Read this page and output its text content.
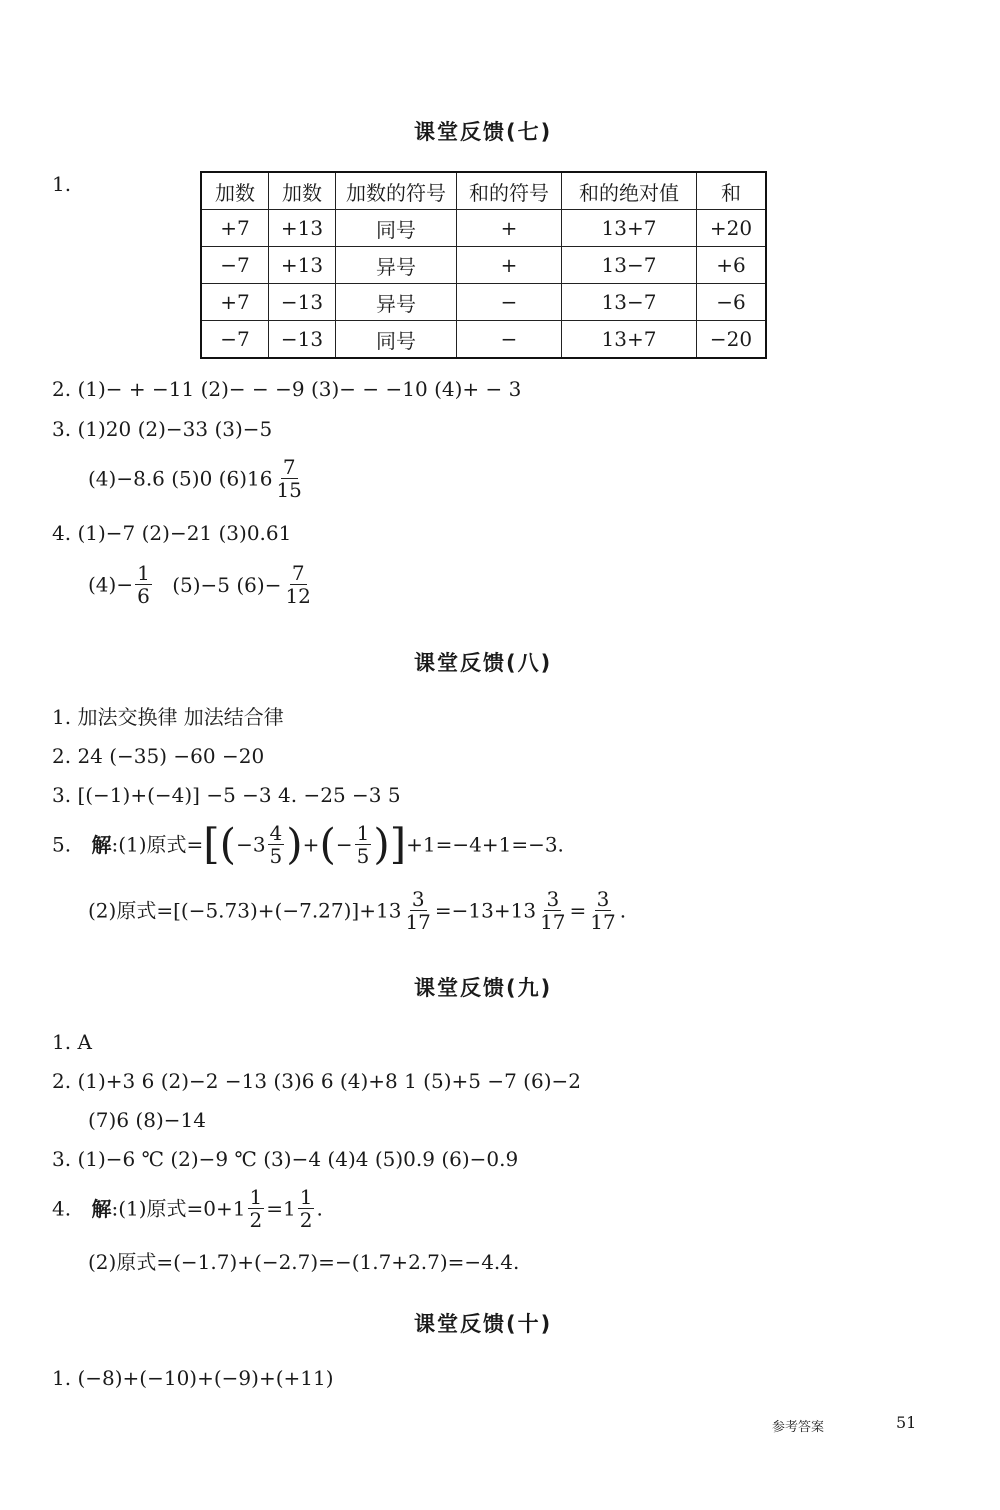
课堂反馈(七)
1.	加数	加数	加数的符号	和的符号	和的绝对值	和
+7	+13	同号	+	13+7	+20
−7	+13	异号	+	13−7	+6
+7	−13	异号	−	13−7	−6
−7	−13	同号	−	13+7	−20
2. (1)− + −11 (2)− − −9 (3)− − −10 (4)+ − 3
3. (1)20 (2)−33 (3)−5
(4)−8.6 (5)0 $(6)16 \frac{7}{15}$
4. (1)−7 (2)−21 (3)0.61
$(4)- \frac{1}{6} (5)-5$ $(6)- \frac{7}{12}$
课堂反馈(八)
1. 加法交换律 加法结合律
2. 24 (−35) −60 −20
3. [(−1)+(−4)] −5 −3 4. −25 −3 5
5. 解:(1)原式$=[(-3 \frac{4}{5}$ )+(− $\frac{1}{5} )]+1=-4+1=-3$.
(2)原式$=[(-5.73)+(-7.27)]+13 \frac{3}{17} =-13+13 \frac{3}{17} = \frac{3}{17}$ .
课堂反馈(九)
1. A
2. (1)+3 6 (2)−2 −13 (3)6 6 (4)+8 1 (5)+5 −7 (6)−2
(7)6 (8)−14
3. (1)−6 ℃ (2)−9 ℃ (3)−4 (4)4 (5)0.9 (6)−0.9
4. 解:(1)原式$=0+1 \frac{1}{2} =1 \frac{1}{2}$ .
(2)原式=(−1.7)+(−2.7)=−(1.7+2.7)=−4.4.
课堂反馈(十)
1. (−8)+(−10)+(−9)+(+11)
参考答案	51
